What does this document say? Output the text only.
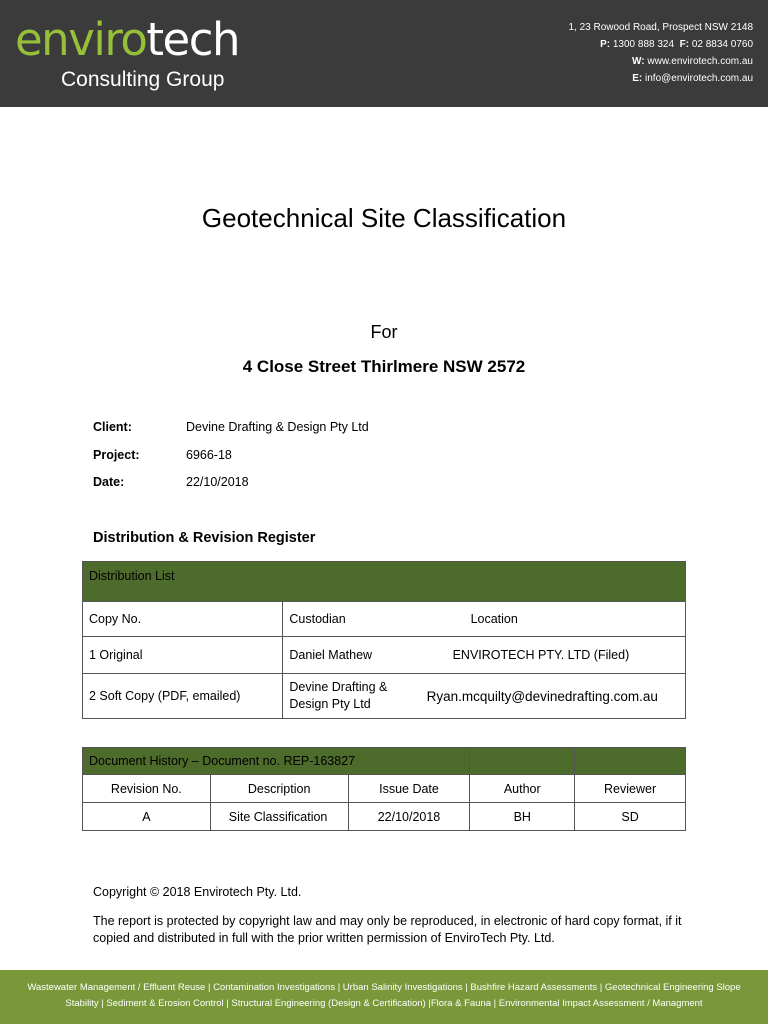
envirotech
Consulting Group
1, 23 Rowood Road, Prospect NSW 2148
P: 1300 888 324 F: 02 8834 0760
W: www.envirotech.com.au
E: info@envirotech.com.au
Geotechnical Site Classification
For
4 Close Street Thirlmere NSW 2572
Client:	Devine Drafting & Design Pty Ltd
Project:	6966-18
Date:	22/10/2018
Distribution & Revision Register
Distribution List		
Copy No.	Custodian	Location
1 Original	Daniel Mathew	ENVIROTECH PTY. LTD (Filed)
2 Soft Copy (PDF, emailed)	Devine Drafting & Design Pty Ltd	Ryan.mcquilty@devinedrafting.com.au
Document History – Document no. REP-163827				
Revision No.	Description	Issue Date	Author	Reviewer
A	Site Classification	22/10/2018	BH	SD
Copyright © 2018 Envirotech Pty. Ltd.
The report is protected by copyright law and may only be reproduced, in electronic of hard copy format, if it copied and distributed in full with the prior written permission of EnviroTech Pty. Ltd.
Wastewater Management / Effluent Reuse | Contamination Investigations | Urban Salinity Investigations | Bushfire Hazard Assessments | Geotechnical Engineering Slope
Stability | Sediment & Erosion Control | Structural Engineering (Design & Certification) |Flora & Fauna | Environmental Impact Assessment / Managment
